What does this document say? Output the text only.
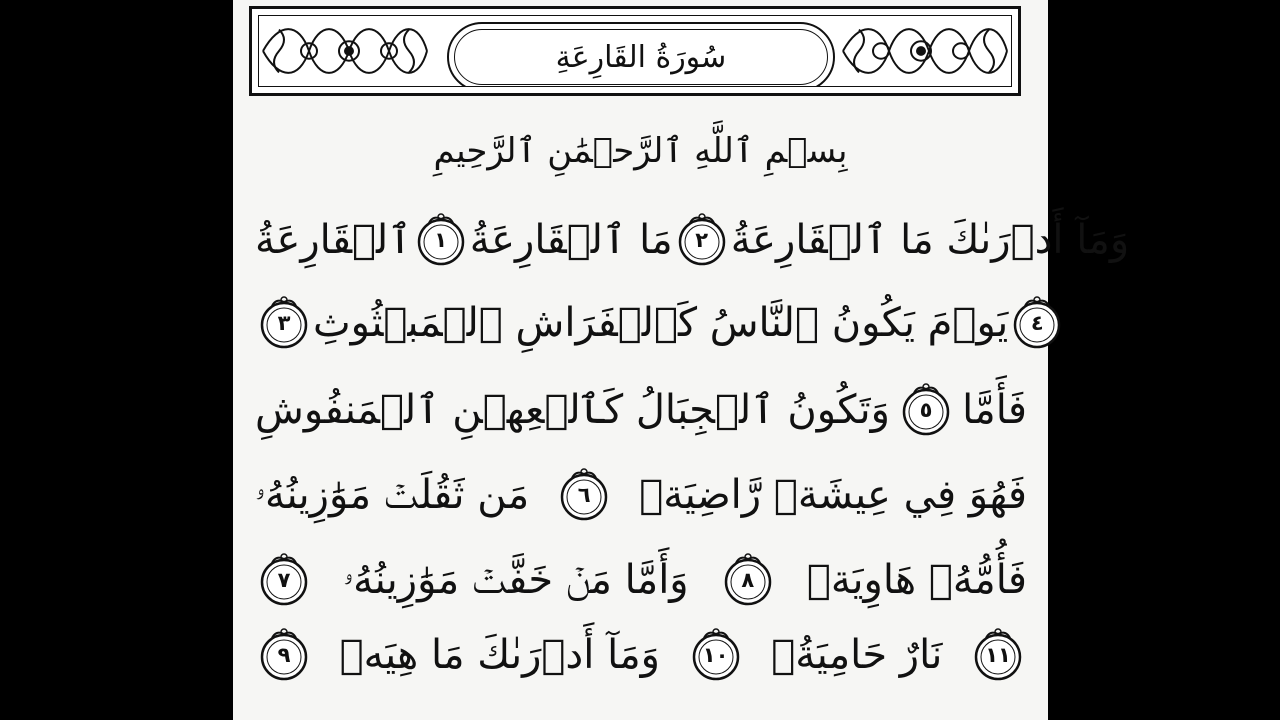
سُورَةُ القَارِعَةِ
بِسۡمِ ٱللَّهِ ٱلرَّحۡمَٰنِ ٱلرَّحِيمِ
ٱلۡقَارِعَةُ ١ مَا ٱلۡقَارِعَةُ ٢ وَمَآ أَدۡرَىٰكَ مَا ٱلۡقَارِعَةُ
٣ يَوۡمَ يَكُونُ ٱلنَّاسُ كَٱلۡفَرَاشِ ٱلۡمَبۡثُوثِ ٤
وَتَكُونُ ٱلۡجِبَالُ كَٱلۡعِهۡنِ ٱلۡمَنفُوشِ ٥ فَأَمَّا
مَن ثَقُلَتۡ مَوَٰزِينُهُۥ ٦ فَهُوَ فِي عِيشَةٖ رَّاضِيَةٖ
٧ وَأَمَّا مَنۡ خَفَّتۡ مَوَٰزِينُهُۥ	٨ فَأُمُّهُۥ هَاوِيَةٞ
٩ وَمَآ أَدۡرَىٰكَ مَا هِيَهۡ ١٠ نَارٌ حَامِيَةُۢ ١١
